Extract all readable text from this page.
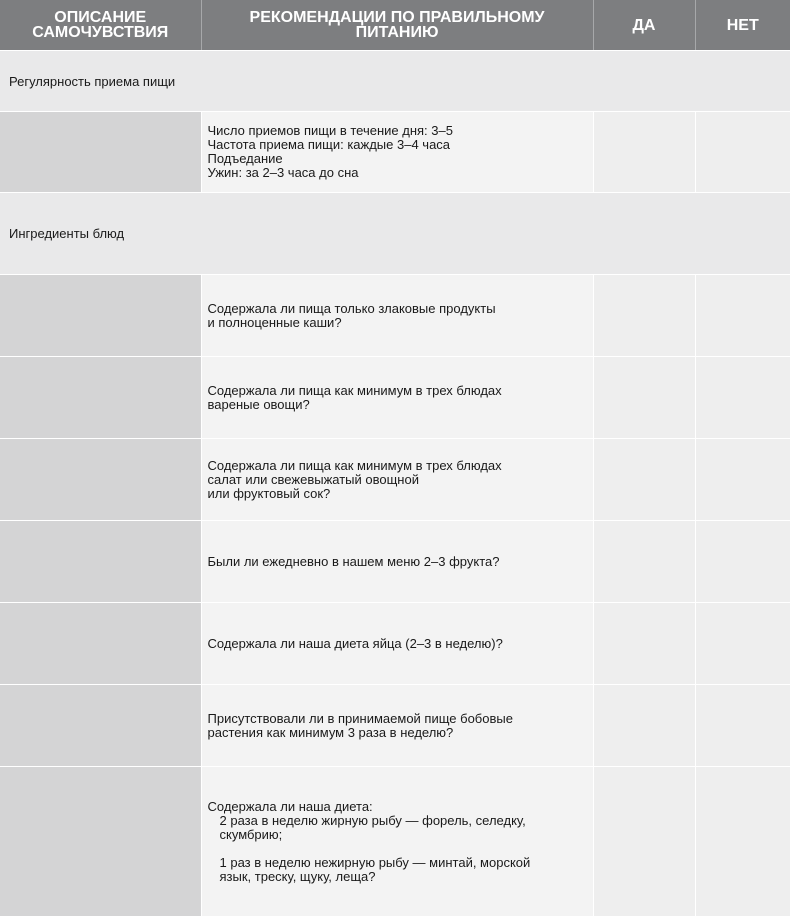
ОПИСАНИЕ
САМОЧУВСТВИЯ	РЕКОМЕНДАЦИИ ПО ПРАВИЛЬНОМУ
ПИТАНИЮ	ДА	НЕТ
Регулярность приема пищи			

	Число приемов пищи в течение дня: 3–5
Частота приема пищи: каждые 3–4 часа
Подъедание
Ужин: за 2–3 часа до сна		

Ингредиенты блюд			

	Содержала ли пища только злаковые продукты
и полноценные каши?		

	Содержала ли пища как минимум в трех блюдах
вареные овощи?		

	Содержала ли пища как минимум в трех блюдах
салат или свежевыжатый овощной
или фруктовый сок?		

	Были ли ежедневно в нашем меню 2–3 фрукта?		

	Содержала ли наша диета яйца (2–3 в неделю)?		

	Присутствовали ли в принимаемой пище бобовые
растения как минимум 3 раза в неделю?		

	Содержала ли наша диета:
2 раза в неделю жирную рыбу — форель, селедку,
скумбрию;
1 раз в неделю нежирную рыбу — минтай, морской
язык, треску, щуку, леща?		
